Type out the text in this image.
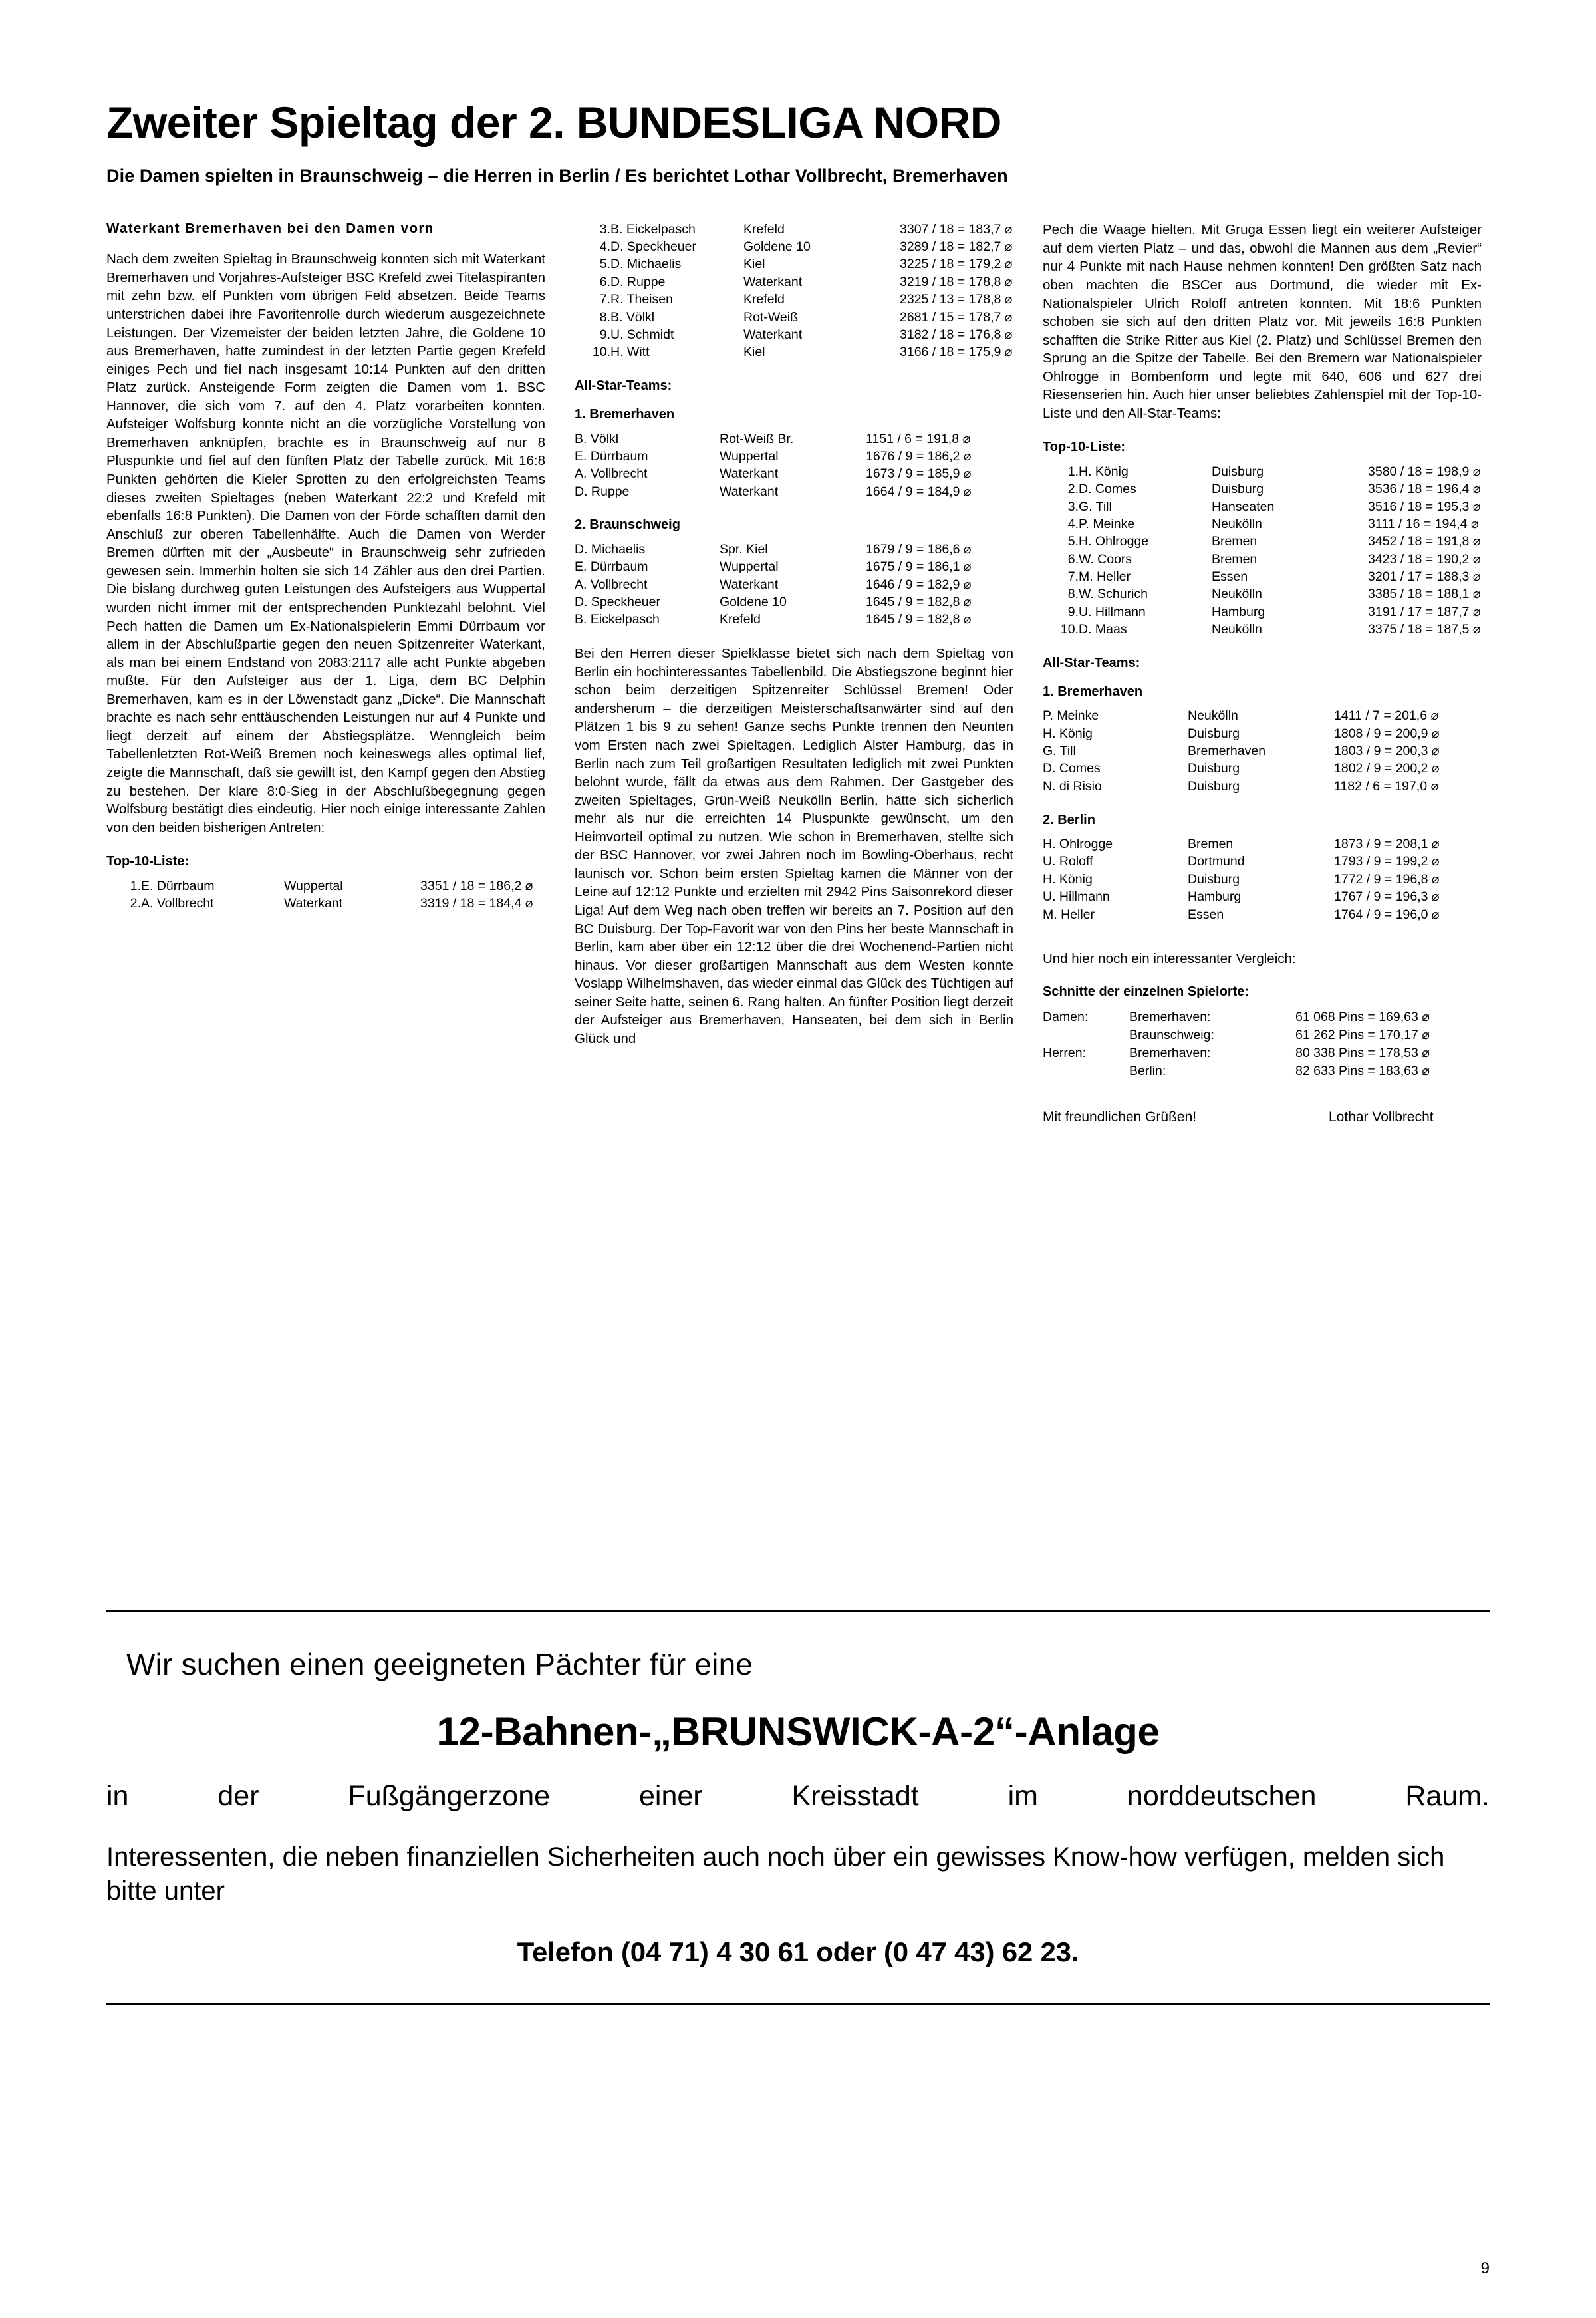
Zweiter Spieltag der 2. BUNDESLIGA NORD
Die Damen spielten in Braunschweig – die Herren in Berlin / Es berichtet Lothar Vollbrecht, Bremerhaven
Waterkant Bremerhaven bei den Damen vorn

Nach dem zweiten Spieltag in Braunschweig konnten sich mit Waterkant Bremerhaven und Vorjahres-Aufsteiger BSC Krefeld zwei Titelaspiranten mit zehn bzw. elf Punkten vom übrigen Feld absetzen. Beide Teams unterstrichen dabei ihre Favoritenrolle durch wiederum ausgezeichnete Leistungen. Der Vizemeister der beiden letzten Jahre, die Goldene 10 aus Bremerhaven, hatte zumindest in der letzten Partie gegen Krefeld einiges Pech und fiel nach insgesamt 10:14 Punkten auf den dritten Platz zurück. Ansteigende Form zeigten die Damen vom 1. BSC Hannover, die sich vom 7. auf den 4. Platz vorarbeiten konnten. Aufsteiger Wolfsburg konnte nicht an die vorzügliche Vorstellung von Bremerhaven anknüpfen, brachte es in Braunschweig auf nur 8 Pluspunkte und fiel auf den fünften Platz der Tabelle zurück. Mit 16:8 Punkten gehörten die Kieler Sprotten zu den erfolgreichsten Teams dieses zweiten Spieltages (neben Waterkant 22:2 und Krefeld mit ebenfalls 16:8 Punkten). Die Damen von der Förde schafften damit den Anschluß zur oberen Tabellenhälfte. Auch die Damen von Werder Bremen dürften mit der „Ausbeute“ in Braunschweig sehr zufrieden gewesen sein. Immerhin holten sie sich 14 Zähler aus den drei Partien. Die bislang durchweg guten Leistungen des Aufsteigers aus Wuppertal wurden nicht immer mit der entsprechenden Punktezahl belohnt. Viel Pech hatten die Damen um Ex-Nationalspielerin Emmi Dürrbaum vor allem in der Abschlußpartie gegen den neuen Spitzenreiter Waterkant, als man bei einem Endstand von 2083:2117 alle acht Punkte abgeben mußte. Für den Aufsteiger aus der 1. Liga, dem BC Delphin Bremerhaven, kam es in der Löwenstadt ganz „Dicke“. Die Mannschaft brachte es nach sehr enttäuschenden Leistungen nur auf 4 Punkte und liegt derzeit auf einem der Abstiegsplätze. Wenngleich beim Tabellenletzten Rot-Weiß Bremen noch keineswegs alles optimal lief, zeigte die Mannschaft, daß sie gewillt ist, den Kampf gegen den Abstieg zu bestehen. Der klare 8:0-Sieg in der Abschlußbegegnung gegen Wolfsburg bestätigt dies eindeutig. Hier noch einige interessante Zahlen von den beiden bisherigen Antreten:

Top-10-Liste:
1.	E. Dürrbaum	Wuppertal	3351 / 18 = 186,2 ⌀
2.	A. Vollbrecht	Waterkant	3319 / 18 = 184,4 ⌀
3.	B. Eickelpasch	Krefeld	3307 / 18 = 183,7 ⌀
4.	D. Speckheuer	Goldene 10	3289 / 18 = 182,7 ⌀
5.	D. Michaelis	Kiel	3225 / 18 = 179,2 ⌀
6.	D. Ruppe	Waterkant	3219 / 18 = 178,8 ⌀
7.	R. Theisen	Krefeld	2325 / 13 = 178,8 ⌀
8.	B. Völkl	Rot-Weiß	2681 / 15 = 178,7 ⌀
9.	U. Schmidt	Waterkant	3182 / 18 = 176,8 ⌀
10.	H. Witt	Kiel	3166 / 18 = 175,9 ⌀
All-Star-Teams:
1. Bremerhaven
B. Völkl	Rot-Weiß Br.	1151 / 6 = 191,8 ⌀
E. Dürrbaum	Wuppertal	1676 / 9 = 186,2 ⌀
A. Vollbrecht	Waterkant	1673 / 9 = 185,9 ⌀
D. Ruppe	Waterkant	1664 / 9 = 184,9 ⌀
2. Braunschweig
D. Michaelis	Spr. Kiel	1679 / 9 = 186,6 ⌀
E. Dürrbaum	Wuppertal	1675 / 9 = 186,1 ⌀
A. Vollbrecht	Waterkant	1646 / 9 = 182,9 ⌀
D. Speckheuer	Goldene 10	1645 / 9 = 182,8 ⌀
B. Eickelpasch	Krefeld	1645 / 9 = 182,8 ⌀

Bei den Herren dieser Spielklasse bietet sich nach dem Spieltag von Berlin ein hochinteressantes Tabellenbild. Die Abstiegszone beginnt hier schon beim derzeitigen Spitzenreiter Schlüssel Bremen! Oder andersherum – die derzeitigen Meisterschaftsanwärter sind auf den Plätzen 1 bis 9 zu sehen! Ganze sechs Punkte trennen den Neunten vom Ersten nach zwei Spieltagen. Lediglich Alster Hamburg, das in Berlin nach zum Teil großartigen Resultaten lediglich mit zwei Punkten belohnt wurde, fällt da etwas aus dem Rahmen. Der Gastgeber des zweiten Spieltages, Grün-Weiß Neukölln Berlin, hätte sich sicherlich mehr als nur die erreichten 14 Pluspunkte gewünscht, um den Heimvorteil optimal zu nutzen. Wie schon in Bremerhaven, stellte sich der BSC Hannover, vor zwei Jahren noch im Bowling-Oberhaus, recht launisch vor. Schon beim ersten Spieltag kamen die Männer von der Leine auf 12:12 Punkte und erzielten mit 2942 Pins Saisonrekord dieser Liga! Auf dem Weg nach oben treffen wir bereits an 7. Position auf den BC Duisburg. Der Top-Favorit war von den Pins her beste Mannschaft in Berlin, kam aber über ein 12:12 über die drei Wochenend-Partien nicht hinaus. Vor dieser großartigen Mannschaft aus dem Westen konnte Voslapp Wilhelmshaven, das wieder einmal das Glück des Tüchtigen auf seiner Seite hatte, seinen 6. Rang halten. An fünfter Position liegt derzeit der Aufsteiger aus Bremerhaven, Hanseaten, bei dem sich in Berlin Glück und

Pech die Waage hielten. Mit Gruga Essen liegt ein weiterer Aufsteiger auf dem vierten Platz – und das, obwohl die Mannen aus dem „Revier“ nur 4 Punkte mit nach Hause nehmen konnten! Den größten Satz nach oben machten die BSCer aus Dortmund, die wieder mit Ex-Nationalspieler Ulrich Roloff antreten konnten. Mit 18:6 Punkten schoben sie sich auf den dritten Platz vor. Mit jeweils 16:8 Punkten schafften die Strike Ritter aus Kiel (2. Platz) und Schlüssel Bremen den Sprung an die Spitze der Tabelle. Bei den Bremern war Nationalspieler Ohlrogge in Bombenform und legte mit 640, 606 und 627 drei Riesenserien hin. Auch hier unser beliebtes Zahlenspiel mit der Top-10-Liste und den All-Star-Teams:

Top-10-Liste:
1.	H. König	Duisburg	3580 / 18 = 198,9 ⌀
2.	D. Comes	Duisburg	3536 / 18 = 196,4 ⌀
3.	G. Till	Hanseaten	3516 / 18 = 195,3 ⌀
4.	P. Meinke	Neukölln	3111 / 16 = 194,4 ⌀
5.	H. Ohlrogge	Bremen	3452 / 18 = 191,8 ⌀
6.	W. Coors	Bremen	3423 / 18 = 190,2 ⌀
7.	M. Heller	Essen	3201 / 17 = 188,3 ⌀
8.	W. Schurich	Neukölln	3385 / 18 = 188,1 ⌀
9.	U. Hillmann	Hamburg	3191 / 17 = 187,7 ⌀
10.	D. Maas	Neukölln	3375 / 18 = 187,5 ⌀
All-Star-Teams:
1. Bremerhaven
P. Meinke	Neukölln	1411 / 7 = 201,6 ⌀
H. König	Duisburg	1808 / 9 = 200,9 ⌀
G. Till	Bremerhaven	1803 / 9 = 200,3 ⌀
D. Comes	Duisburg	1802 / 9 = 200,2 ⌀
N. di Risio	Duisburg	1182 / 6 = 197,0 ⌀
2. Berlin
H. Ohlrogge	Bremen	1873 / 9 = 208,1 ⌀
U. Roloff	Dortmund	1793 / 9 = 199,2 ⌀
H. König	Duisburg	1772 / 9 = 196,8 ⌀
U. Hillmann	Hamburg	1767 / 9 = 196,3 ⌀
M. Heller	Essen	1764 / 9 = 196,0 ⌀
Und hier noch ein interessanter Vergleich:
Schnitte der einzelnen Spielorte:
Damen:	Bremerhaven:	61 068 Pins = 169,63 ⌀
	Braunschweig:	61 262 Pins = 170,17 ⌀
Herren:	Bremerhaven:	80 338 Pins = 178,53 ⌀
	Berlin:	82 633 Pins = 183,63 ⌀
Mit freundlichen Grüßen!	Lothar Vollbrecht
Wir suchen einen geeigneten Pächter für eine
12-Bahnen-„BRUNSWICK-A-2“-Anlage
in der Fußgängerzone einer Kreisstadt im norddeutschen Raum.
Interessenten, die neben finanziellen Sicherheiten auch noch über ein gewisses Know-how verfügen, melden sich bitte unter
Telefon (04 71) 4 30 61 oder (0 47 43) 62 23.
9
